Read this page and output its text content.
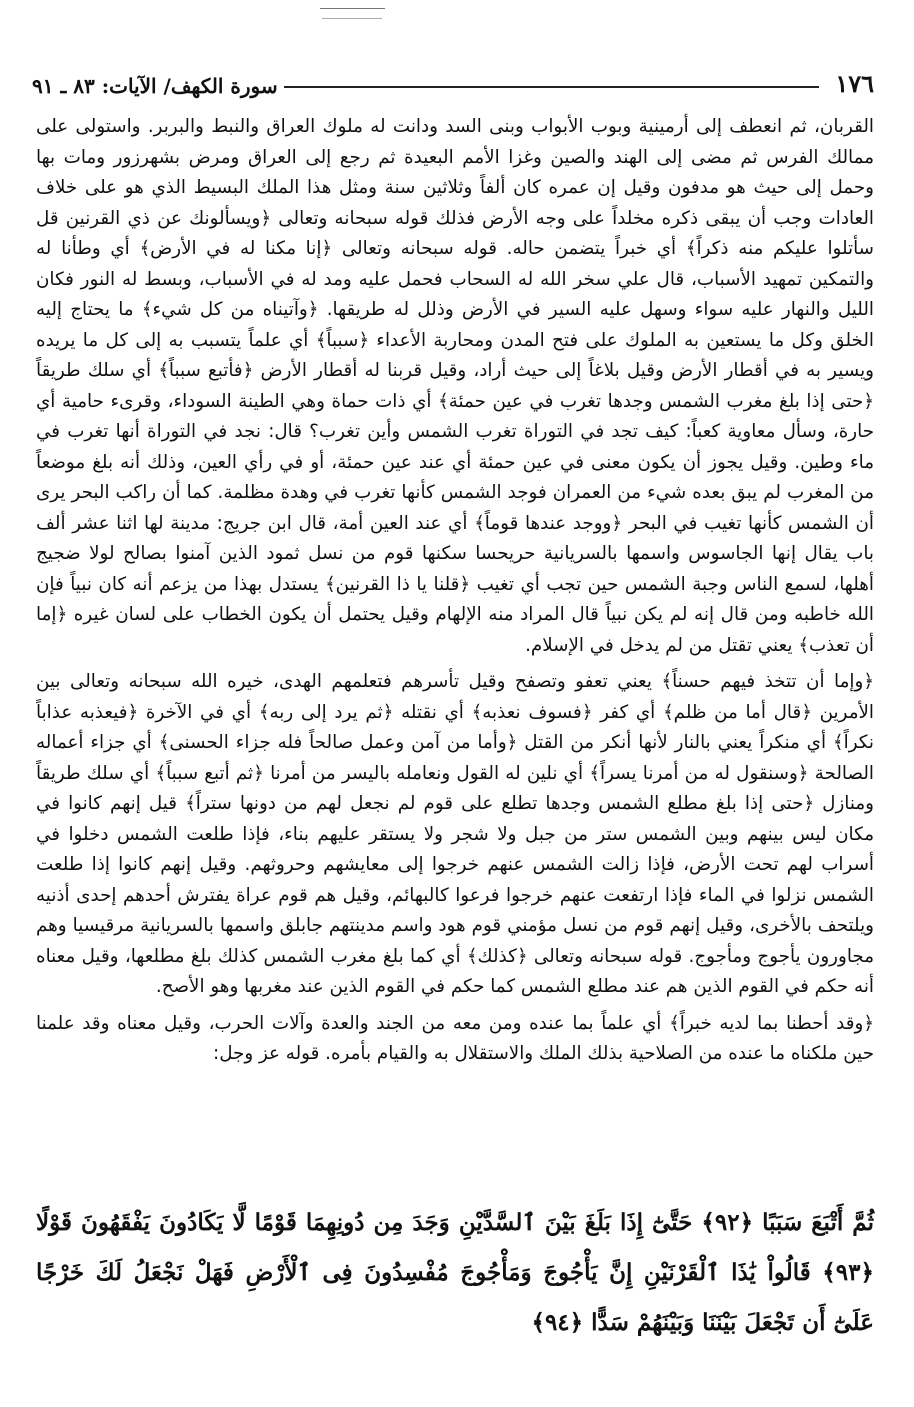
١٧٦
سورة الكهف/ الآيات: ٨٣ ـ ٩١

القربان، ثم انعطف إلى أرمينية وبوب الأبواب وبنى السد ودانت له ملوك العراق والنبط والبربر. واستولى على ممالك الفرس ثم مضى إلى الهند والصين وغزا الأمم البعيدة ثم رجع إلى العراق ومرض بشهرزور ومات بها وحمل إلى حيث هو مدفون وقيل إن عمره كان ألفاً وثلاثين سنة ومثل هذا الملك البسيط الذي هو على خلاف العادات وجب أن يبقى ذكره مخلداً على وجه الأرض فذلك قوله سبحانه وتعالى ﴿ويسألونك عن ذي القرنين قل سأتلوا عليكم منه ذكراً﴾ أي خبراً يتضمن حاله. قوله سبحانه وتعالى ﴿إنا مكنا له في الأرض﴾ أي وطأنا له والتمكين تمهيد الأسباب، قال علي سخر الله له السحاب فحمل عليه ومد له في الأسباب، وبسط له النور فكان الليل والنهار عليه سواء وسهل عليه السير في الأرض وذلل له طريقها. ﴿وآتيناه من كل شيء﴾ ما يحتاج إليه الخلق وكل ما يستعين به الملوك على فتح المدن ومحاربة الأعداء ﴿سبباً﴾ أي علماً يتسبب به إلى كل ما يريده ويسير به في أقطار الأرض وقيل بلاغاً إلى حيث أراد، وقيل قربنا له أقطار الأرض ﴿فأتبع سبباً﴾ أي سلك طريقاً ﴿حتى إذا بلغ مغرب الشمس وجدها تغرب في عين حمئة﴾ أي ذات حماة وهي الطينة السوداء، وقرىء حامية أي حارة، وسأل معاوية كعباً: كيف تجد في التوراة تغرب الشمس وأين تغرب؟ قال: نجد في التوراة أنها تغرب في ماء وطين. وقيل يجوز أن يكون معنى في عين حمئة أي عند عين حمئة، أو في رأي العين، وذلك أنه بلغ موضعاً من المغرب لم يبق بعده شيء من العمران فوجد الشمس كأنها تغرب في وهدة مظلمة. كما أن راكب البحر يرى أن الشمس كأنها تغيب في البحر ﴿ووجد عندها قوماً﴾ أي عند العين أمة، قال ابن جريج: مدينة لها اثنا عشر ألف باب يقال إنها الجاسوس واسمها بالسريانية حريحسا سكنها قوم من نسل ثمود الذين آمنوا بصالح لولا ضجيج أهلها، لسمع الناس وجبة الشمس حين تجب أي تغيب ﴿قلنا يا ذا القرنين﴾ يستدل بهذا من يزعم أنه كان نبياً فإن الله خاطبه ومن قال إنه لم يكن نبياً قال المراد منه الإلهام وقيل يحتمل أن يكون الخطاب على لسان غيره ﴿إما أن تعذب﴾ يعني تقتل من لم يدخل في الإسلام.

﴿وإما أن تتخذ فيهم حسناً﴾ يعني تعفو وتصفح وقيل تأسرهم فتعلمهم الهدى، خيره الله سبحانه وتعالى بين الأمرين ﴿قال أما من ظلم﴾ أي كفر ﴿فسوف نعذبه﴾ أي نقتله ﴿ثم يرد إلى ربه﴾ أي في الآخرة ﴿فيعذبه عذاباً نكراً﴾ أي منكراً يعني بالنار لأنها أنكر من القتل ﴿وأما من آمن وعمل صالحاً فله جزاء الحسنى﴾ أي جزاء أعماله الصالحة ﴿وسنقول له من أمرنا يسراً﴾ أي نلين له القول ونعامله باليسر من أمرنا ﴿ثم أتبع سبباً﴾ أي سلك طريقاً ومنازل ﴿حتى إذا بلغ مطلع الشمس وجدها تطلع على قوم لم نجعل لهم من دونها ستراً﴾ قيل إنهم كانوا في مكان ليس بينهم وبين الشمس ستر من جبل ولا شجر ولا يستقر عليهم بناء، فإذا طلعت الشمس دخلوا في أسراب لهم تحت الأرض، فإذا زالت الشمس عنهم خرجوا إلى معايشهم وحروثهم. وقيل إنهم كانوا إذا طلعت الشمس نزلوا في الماء فإذا ارتفعت عنهم خرجوا فرعوا كالبهائم، وقيل هم قوم عراة يفترش أحدهم إحدى أذنيه ويلتحف بالأخرى، وقيل إنهم قوم من نسل مؤمني قوم هود واسم مدينتهم جابلق واسمها بالسريانية مرقيسيا وهم مجاورون يأجوج ومأجوج. قوله سبحانه وتعالى ﴿كذلك﴾ أي كما بلغ مغرب الشمس كذلك بلغ مطلعها، وقيل معناه أنه حكم في القوم الذين هم عند مطلع الشمس كما حكم في القوم الذين عند مغربها وهو الأصح.

﴿وقد أحطنا بما لديه خبراً﴾ أي علماً بما عنده ومن معه من الجند والعدة وآلات الحرب، وقيل معناه وقد علمنا حين ملكناه ما عنده من الصلاحية بذلك الملك والاستقلال به والقيام بأمره. قوله عز وجل:

ثُمَّ أَتْبَعَ سَبَبًا ﴿٩٢﴾ حَتَّىٰٓ إِذَا بَلَغَ بَيْنَ ٱلسَّدَّيْنِ وَجَدَ مِن دُونِهِمَا قَوْمًا لَّا يَكَادُونَ يَفْقَهُونَ قَوْلًا ﴿٩٣﴾ قَالُواْ يَٰذَا ٱلْقَرْنَيْنِ إِنَّ يَأْجُوجَ وَمَأْجُوجَ مُفْسِدُونَ فِى ٱلْأَرْضِ فَهَلْ نَجْعَلُ لَكَ خَرْجًا عَلَىٰٓ أَن تَجْعَلَ بَيْنَنَا وَبَيْنَهُمْ سَدًّا ﴿٩٤﴾
